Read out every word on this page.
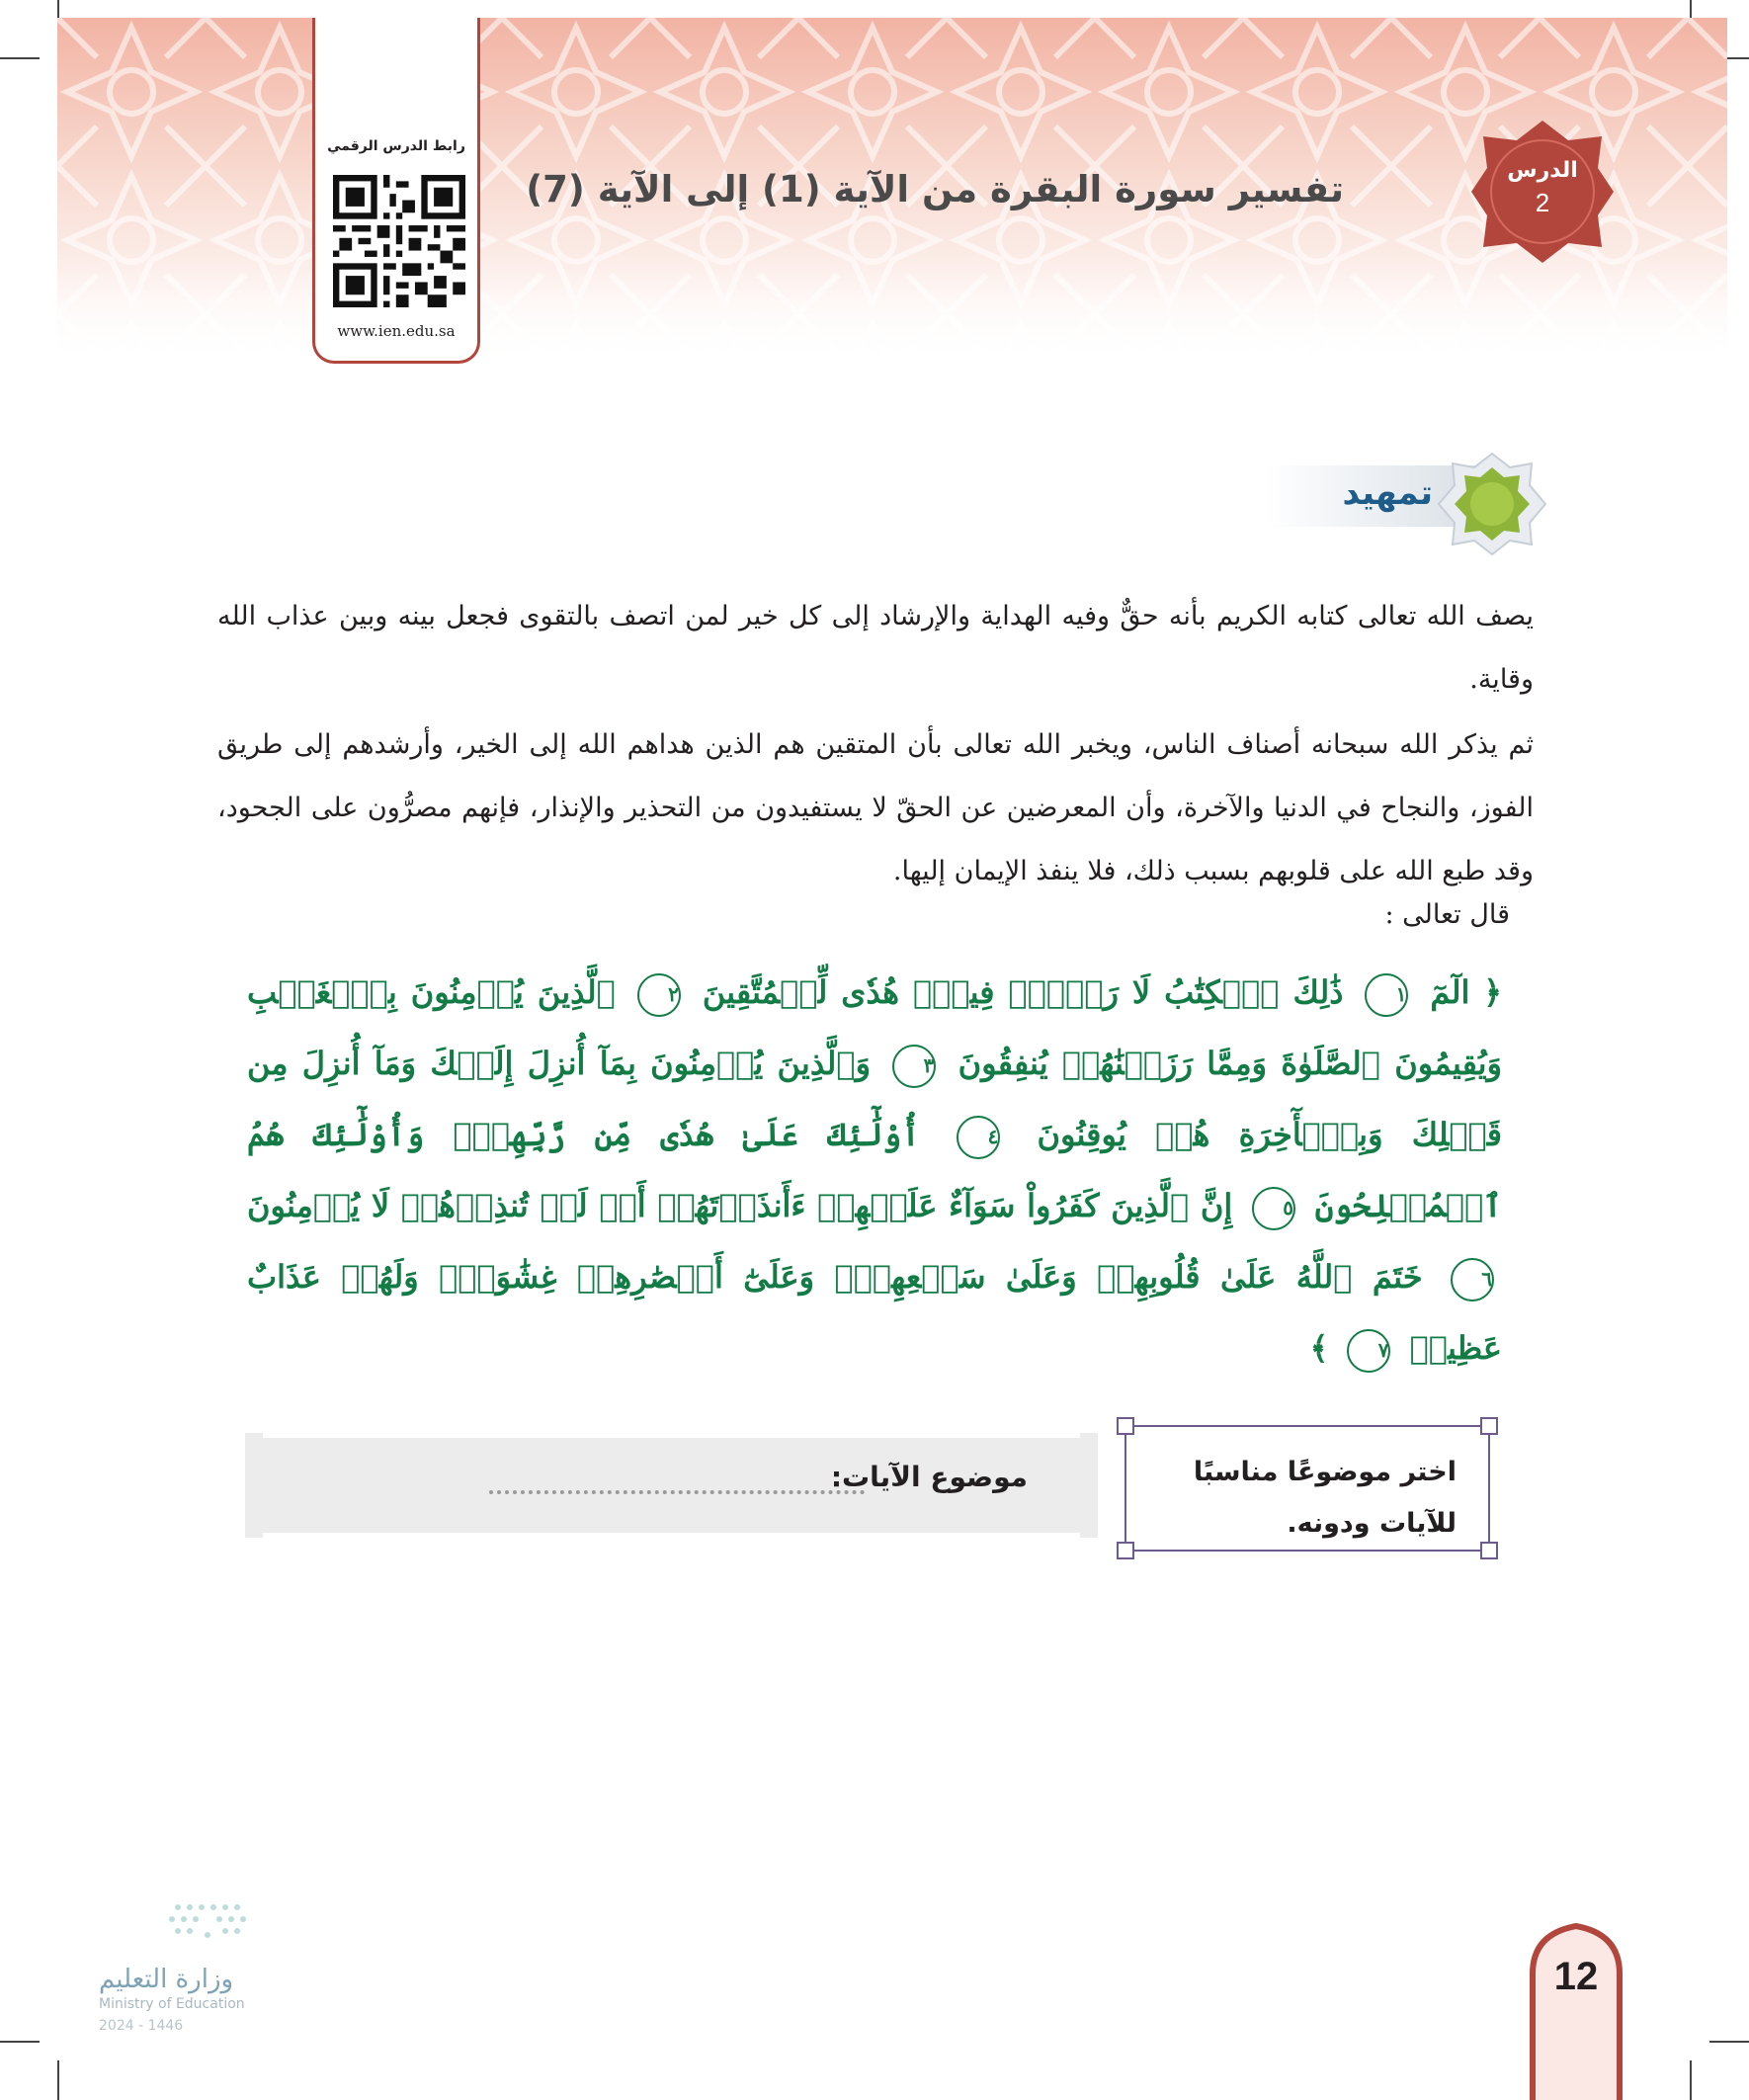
رابط الدرس الرقمي
www.ien.edu.sa
الدرس
2
تفسير سورة البقرة من الآية (1) إلى الآية (7)
تمهيد
يصف الله تعالى كتابه الكريم بأنه حقٌّ وفيه الهداية والإرشاد إلى كل خير لمن اتصف بالتقوى فجعل بينه وبين عذاب الله وقاية.
ثم يذكر الله سبحانه أصناف الناس، ويخبر الله تعالى بأن المتقين هم الذين هداهم الله إلى الخير، وأرشدهم إلى طريق الفوز، والنجاح في الدنيا والآخرة، وأن المعرضين عن الحقّ لا يستفيدون من التحذير والإنذار، فإنهم مصرُّون على الجحود، وقد طبع الله على قلوبهم بسبب ذلك، فلا ينفذ الإيمان إليها.
قال تعالى :
﴿ الٓمٓ ١ ذَٰلِكَ ٱلۡكِتَٰبُ لَا رَيۡبَۛ فِيهِۛ هُدٗى لِّلۡمُتَّقِينَ ٢ ٱلَّذِينَ يُؤۡمِنُونَ بِٱلۡغَيۡبِ وَيُقِيمُونَ ٱلصَّلَوٰةَ وَمِمَّا رَزَقۡنَٰهُمۡ يُنفِقُونَ ٣ وَٱلَّذِينَ يُؤۡمِنُونَ بِمَآ أُنزِلَ إِلَيۡكَ وَمَآ أُنزِلَ مِن قَبۡلِكَ وَبِٱلۡأٓخِرَةِ هُمۡ يُوقِنُونَ ٤ أُوْلَٰٓئِكَ عَلَىٰ هُدٗى مِّن رَّبِّهِمۡۖ وَأُوْلَٰٓئِكَ هُمُ ٱلۡمُفۡلِحُونَ ٥ إِنَّ ٱلَّذِينَ كَفَرُواْ سَوَآءٌ عَلَيۡهِمۡ ءَأَنذَرۡتَهُمۡ أَمۡ لَمۡ تُنذِرۡهُمۡ لَا يُؤۡمِنُونَ ٦ خَتَمَ ٱللَّهُ عَلَىٰ قُلُوبِهِمۡ وَعَلَىٰ سَمۡعِهِمۡۖ وَعَلَىٰٓ أَبۡصَٰرِهِمۡ غِشَٰوَةٞۖ وَلَهُمۡ عَذَابٌ عَظِيمٞ ٧ ﴾
موضوع الآيات:	اختر موضوعًا مناسبًا للآيات ودونه.
وزارة التعليم
Ministry of Education
2024 - 1446
12
